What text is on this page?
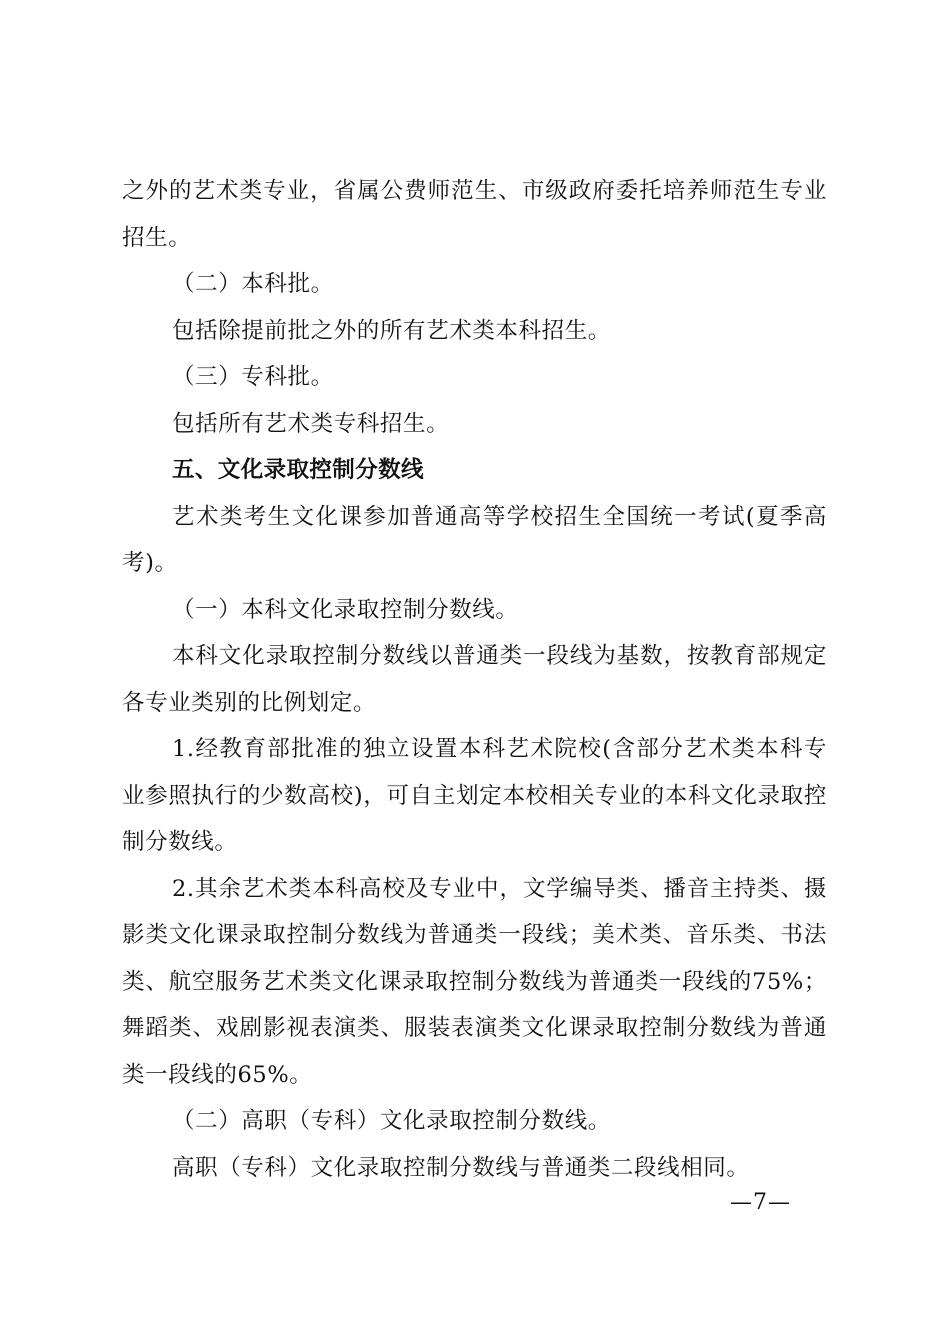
之外的艺术类专业，省属公费师范生、市级政府委托培养师范生专业招生。

（二）本科批。

包括除提前批之外的所有艺术类本科招生。

（三）专科批。

包括所有艺术类专科招生。

五、文化录取控制分数线

艺术类考生文化课参加普通高等学校招生全国统一考试(夏季高考)。

（一）本科文化录取控制分数线。

本科文化录取控制分数线以普通类一段线为基数，按教育部规定各专业类别的比例划定。

1.经教育部批准的独立设置本科艺术院校(含部分艺术类本科专业参照执行的少数高校)，可自主划定本校相关专业的本科文化录取控制分数线。

2.其余艺术类本科高校及专业中，文学编导类、播音主持类、摄影类文化课录取控制分数线为普通类一段线；美术类、音乐类、书法类、航空服务艺术类文化课录取控制分数线为普通类一段线的75%；舞蹈类、戏剧影视表演类、服装表演类文化课录取控制分数线为普通类一段线的65%。

（二）高职（专科）文化录取控制分数线。

高职（专科）文化录取控制分数线与普通类二段线相同。

—7—
